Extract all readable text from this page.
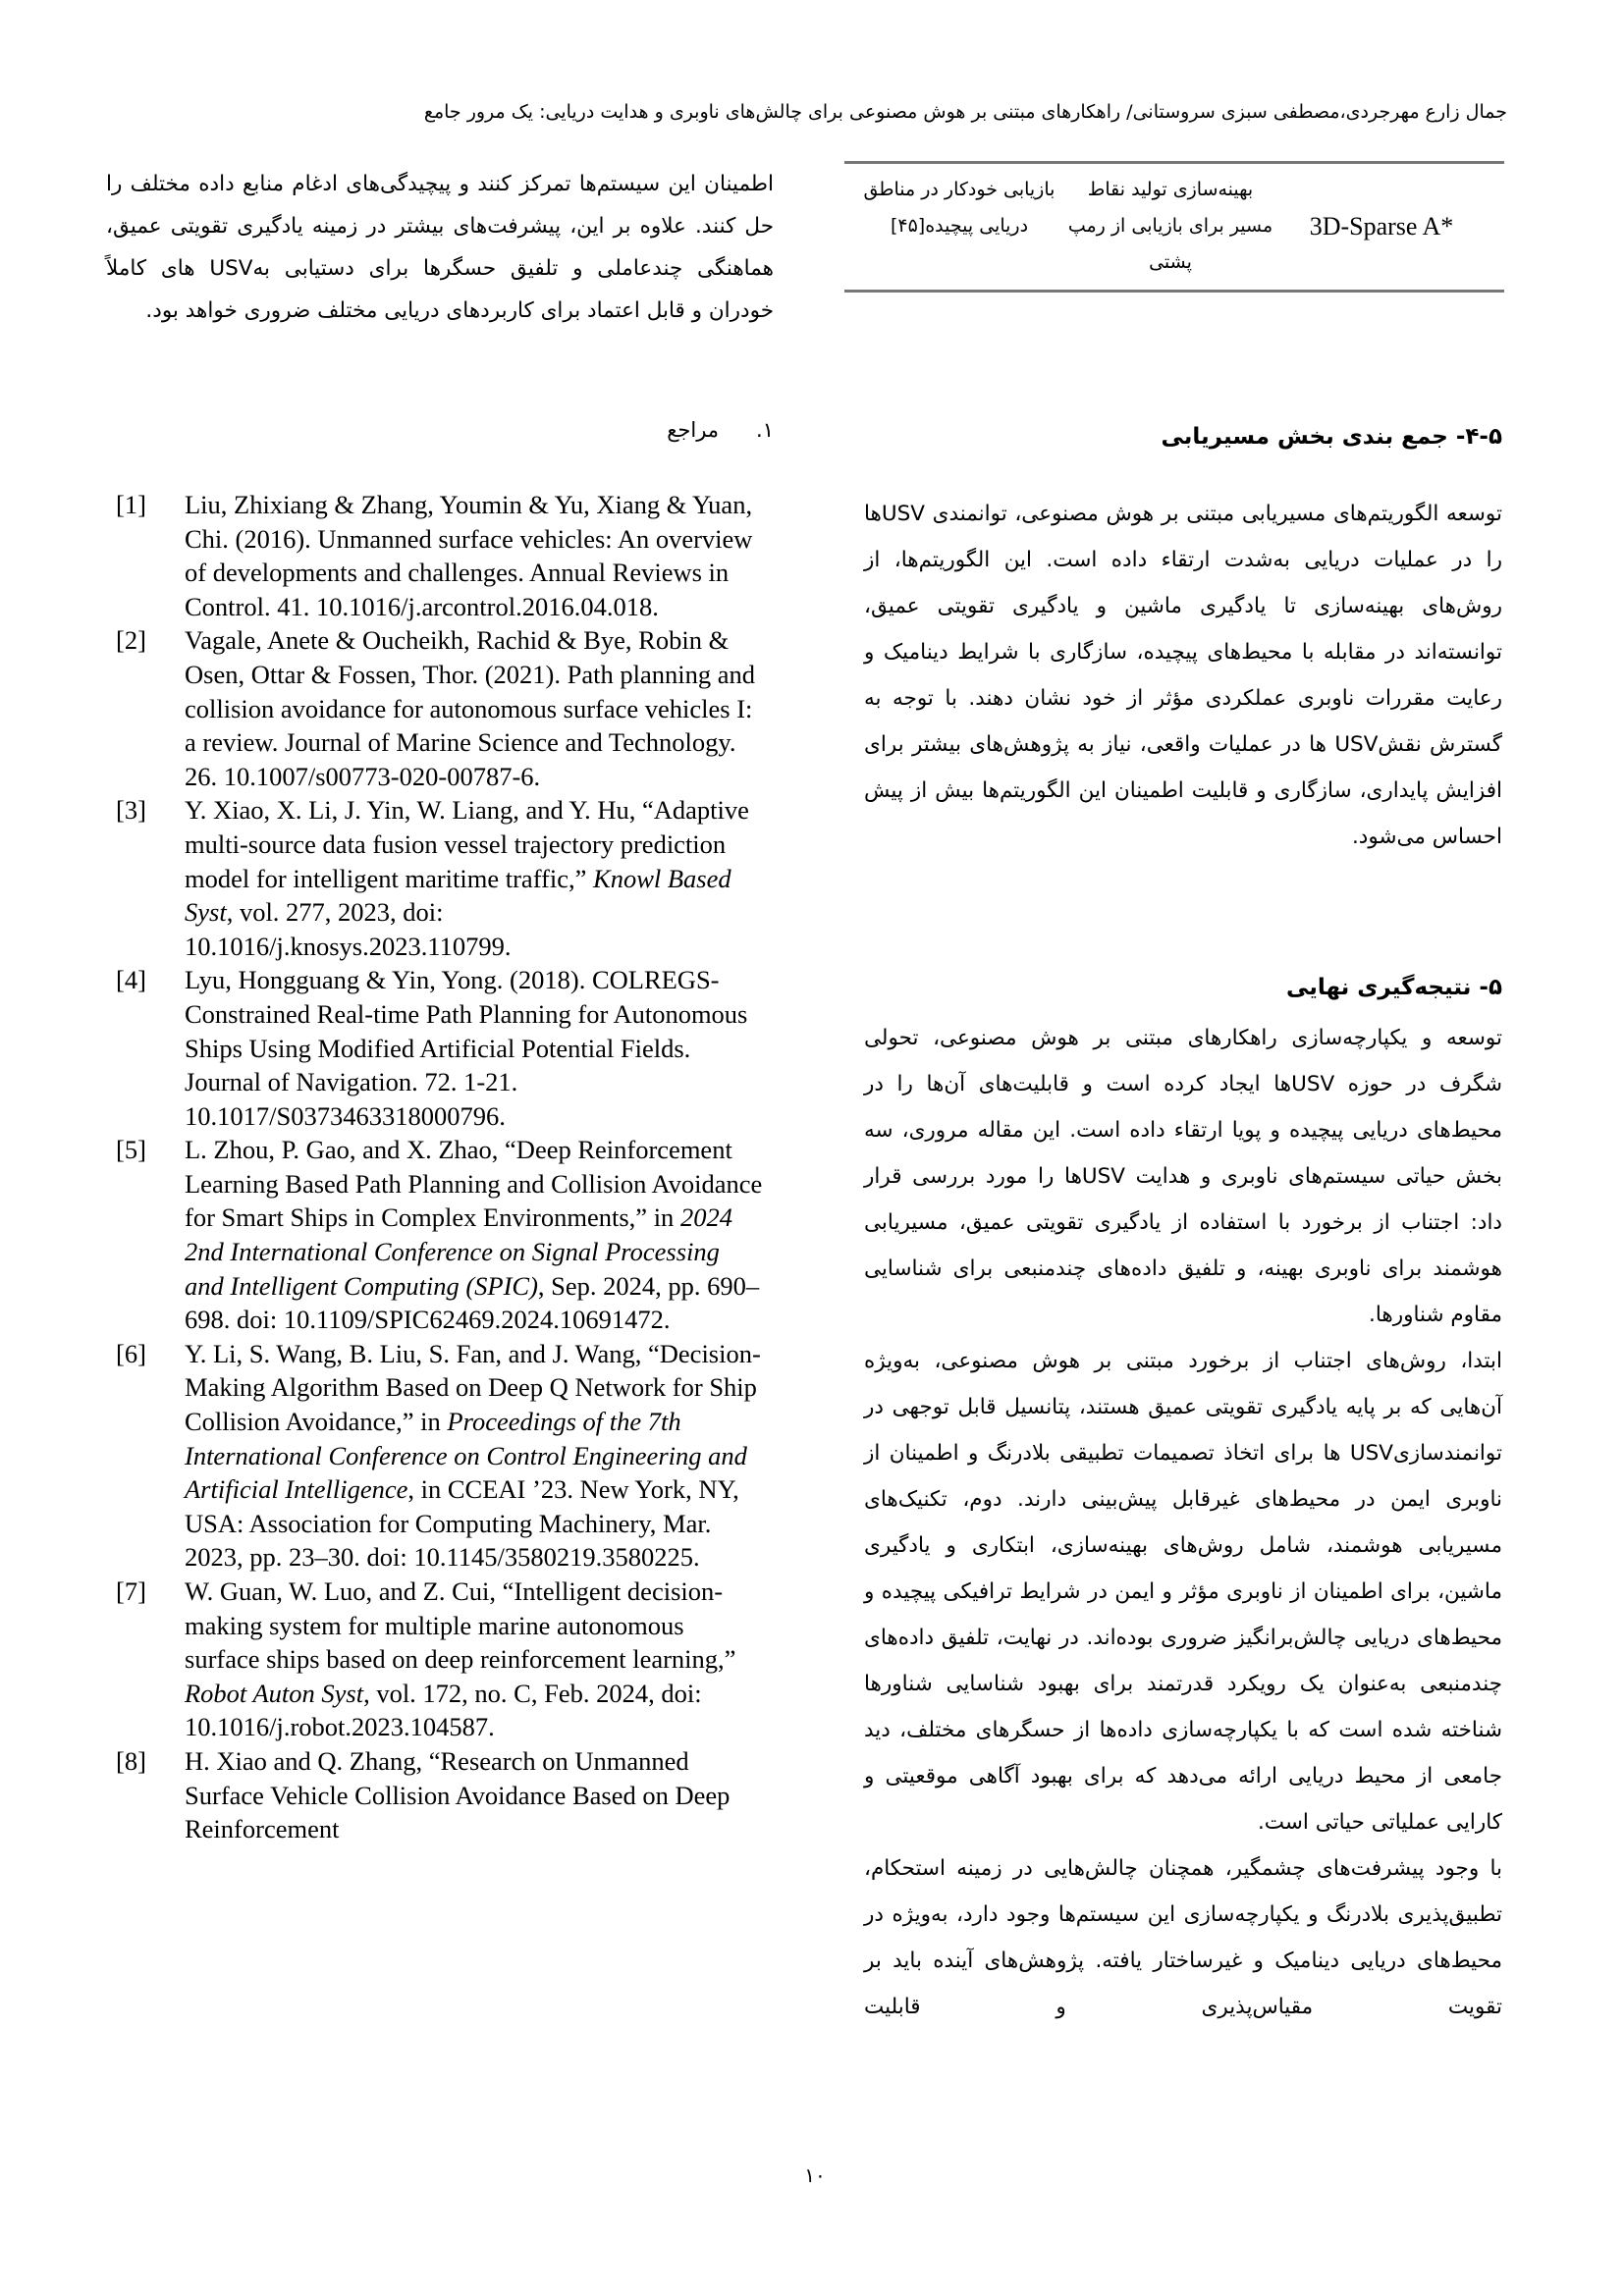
جمال زارع مهرجردی،مصطفی سبزی سروستانی/ راهکارهای مبتنی بر هوش مصنوعی برای چالش‌های ناوبری و هدایت دریایی: یک مرور جامع
3D-Sparse A*
بهینه‌سازی تولید نقاط مسیر برای بازیابی از رمپ پشتی
بازیابی خودکار در مناطق دریایی پیچیده[۴۵]
۴-۵- جمع بندی بخش مسیریابی

توسعه الگوریتم‌های مسیریابی مبتنی بر هوش مصنوعی، توانمندی USVها را در عملیات دریایی به‌شدت ارتقاء داده است. این الگوریتم‌ها، از روش‌های بهینه‌سازی تا یادگیری ماشین و یادگیری تقویتی عمیق، توانسته‌اند در مقابله با محیط‌های پیچیده، سازگاری با شرایط دینامیک و رعایت مقررات ناوبری عملکردی مؤثر از خود نشان دهند. با توجه به گسترش نقشUSV ها در عملیات واقعی، نیاز به پژوهش‌های بیشتر برای افزایش پایداری، سازگاری و قابلیت اطمینان این الگوریتم‌ها بیش از پیش احساس می‌شود.

۵- نتیجه‌گیری نهایی

توسعه و یکپارچه‌سازی راهکارهای مبتنی بر هوش مصنوعی، تحولی شگرف در حوزه USVها ایجاد کرده است و قابلیت‌های آن‌ها را در محیط‌های دریایی پیچیده و پویا ارتقاء داده است. این مقاله مروری، سه بخش حیاتی سیستم‌های ناوبری و هدایت USVها را مورد بررسی قرار داد: اجتناب از برخورد با استفاده از یادگیری تقویتی عمیق، مسیریابی هوشمند برای ناوبری بهینه، و تلفیق داده‌های چندمنبعی برای شناسایی مقاوم شناورها.

ابتدا، روش‌های اجتناب از برخورد مبتنی بر هوش مصنوعی، به‌ویژه آن‌هایی که بر پایه یادگیری تقویتی عمیق هستند، پتانسیل قابل توجهی در توانمندسازیUSV ها برای اتخاذ تصمیمات تطبیقی بلادرنگ و اطمینان از ناوبری ایمن در محیط‌های غیرقابل پیش‌بینی دارند. دوم، تکنیک‌های مسیریابی هوشمند، شامل روش‌های بهینه‌سازی، ابتکاری و یادگیری ماشین، برای اطمینان از ناوبری مؤثر و ایمن در شرایط ترافیکی پیچیده و محیط‌های دریایی چالش‌برانگیز ضروری بوده‌اند. در نهایت، تلفیق داده‌های چندمنبعی به‌عنوان یک رویکرد قدرتمند برای بهبود شناسایی شناورها شناخته شده است که با یکپارچه‌سازی داده‌ها از حسگرهای مختلف، دید جامعی از محیط دریایی ارائه می‌دهد که برای بهبود آگاهی موقعیتی و کارایی عملیاتی حیاتی است.

با وجود پیشرفت‌های چشمگیر، همچنان چالش‌هایی در زمینه استحکام، تطبیق‌پذیری بلادرنگ و یکپارچه‌سازی این سیستم‌ها وجود دارد، به‌ویژه در محیط‌های دریایی دینامیک و غیرساختار یافته. پژوهش‌های آینده باید بر تقویت مقیاس‌پذیری و قابلیت

اطمینان این سیستم‌ها تمرکز کنند و پیچیدگی‌های ادغام منابع داده مختلف را حل کنند. علاوه بر این، پیشرفت‌های بیشتر در زمینه یادگیری تقویتی عمیق، هماهنگی چندعاملی و تلفیق حسگرها برای دستیابی بهUSV های کاملاً خودران و قابل اعتماد برای کاربردهای دریایی مختلف ضروری خواهد بود.

۱.مراجع
[1] Liu, Zhixiang & Zhang, Youmin & Yu, Xiang & Yuan, Chi. (2016). Unmanned surface vehicles: An overview of developments and challenges. Annual Reviews in Control. 41. 10.1016/j.arcontrol.2016.04.018.
[2] Vagale, Anete & Oucheikh, Rachid & Bye, Robin & Osen, Ottar & Fossen, Thor. (2021). Path planning and collision avoidance for autonomous surface vehicles I: a review. Journal of Marine Science and Technology. 26. 10.1007/s00773-020-00787-6.
[3] Y. Xiao, X. Li, J. Yin, W. Liang, and Y. Hu, “Adaptive multi-source data fusion vessel trajectory prediction model for intelligent maritime traffic,” Knowl Based Syst, vol. 277, 2023, doi: 10.1016/j.knosys.2023.110799.
[4] Lyu, Hongguang & Yin, Yong. (2018). COLREGS-Constrained Real-time Path Planning for Autonomous Ships Using Modified Artificial Potential Fields. Journal of Navigation. 72. 1-21. 10.1017/S0373463318000796.
[5] L. Zhou, P. Gao, and X. Zhao, “Deep Reinforcement Learning Based Path Planning and Collision Avoidance for Smart Ships in Complex Environments,” in 2024 2nd International Conference on Signal Processing and Intelligent Computing (SPIC), Sep. 2024, pp. 690–698. doi: 10.1109/SPIC62469.2024.10691472.
[6] Y. Li, S. Wang, B. Liu, S. Fan, and J. Wang, “Decision-Making Algorithm Based on Deep Q Network for Ship Collision Avoidance,” in Proceedings of the 7th International Conference on Control Engineering and Artificial Intelligence, in CCEAI ’23. New York, NY, USA: Association for Computing Machinery, Mar. 2023, pp. 23–30. doi: 10.1145/3580219.3580225.
[7] W. Guan, W. Luo, and Z. Cui, “Intelligent decision-making system for multiple marine autonomous surface ships based on deep reinforcement learning,” Robot Auton Syst, vol. 172, no. C, Feb. 2024, doi: 10.1016/j.robot.2023.104587.
[8] H. Xiao and Q. Zhang, “Research on Unmanned Surface Vehicle Collision Avoidance Based on Deep Reinforcement
۱۰
